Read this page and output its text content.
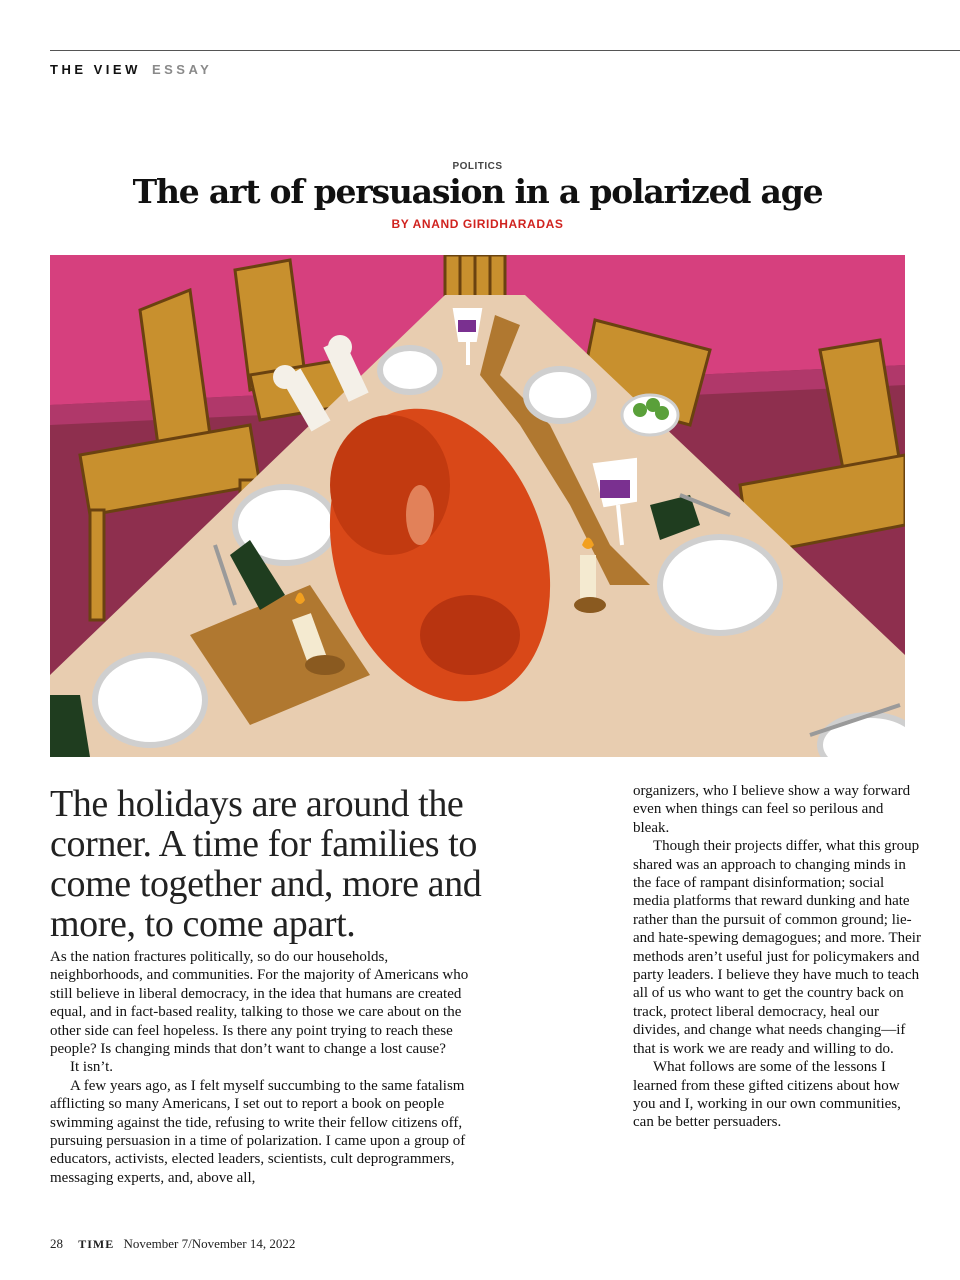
THE VIEW ESSAY
POLITICS
The art of persuasion in a polarized age
BY ANAND GIRIDHARADAS
The holidays are around the corner. A time for families to come together and, more and more, to come apart.

As the nation fractures politically, so do our households, neighborhoods, and communities. For the majority of Americans who still believe in liberal democracy, in the idea that humans are created equal, and in fact-based reality, talking to those we care about on the other side can feel hopeless. Is there any point trying to reach these people? Is changing minds that don’t want to change a lost cause?

It isn’t.

A few years ago, as I felt myself succumbing to the same fatalism afflicting so many Americans, I set out to report a book on people swimming against the tide, refusing to write their fellow citizens off, pursuing persuasion in a time of polarization. I came upon a group of educators, activists, elected leaders, scientists, cult deprogrammers, messaging experts, and, above all,

organizers, who I believe show a way forward even when things can feel so perilous and bleak.

Though their projects differ, what this group shared was an approach to changing minds in the face of rampant disinformation; social media platforms that reward dunking and hate rather than the pursuit of common ground; lie- and hate-spewing demagogues; and more. Their methods aren’t useful just for policymakers and party leaders. I believe they have much to teach all of us who want to get the country back on track, protect liberal democracy, heal our divides, and change what needs changing—if that is work we are ready and willing to do.

What follows are some of the lessons I learned from these gifted citizens about how you and I, working in our own communities, can be better persuaders.

28 TIME November 7/November 14, 2022
